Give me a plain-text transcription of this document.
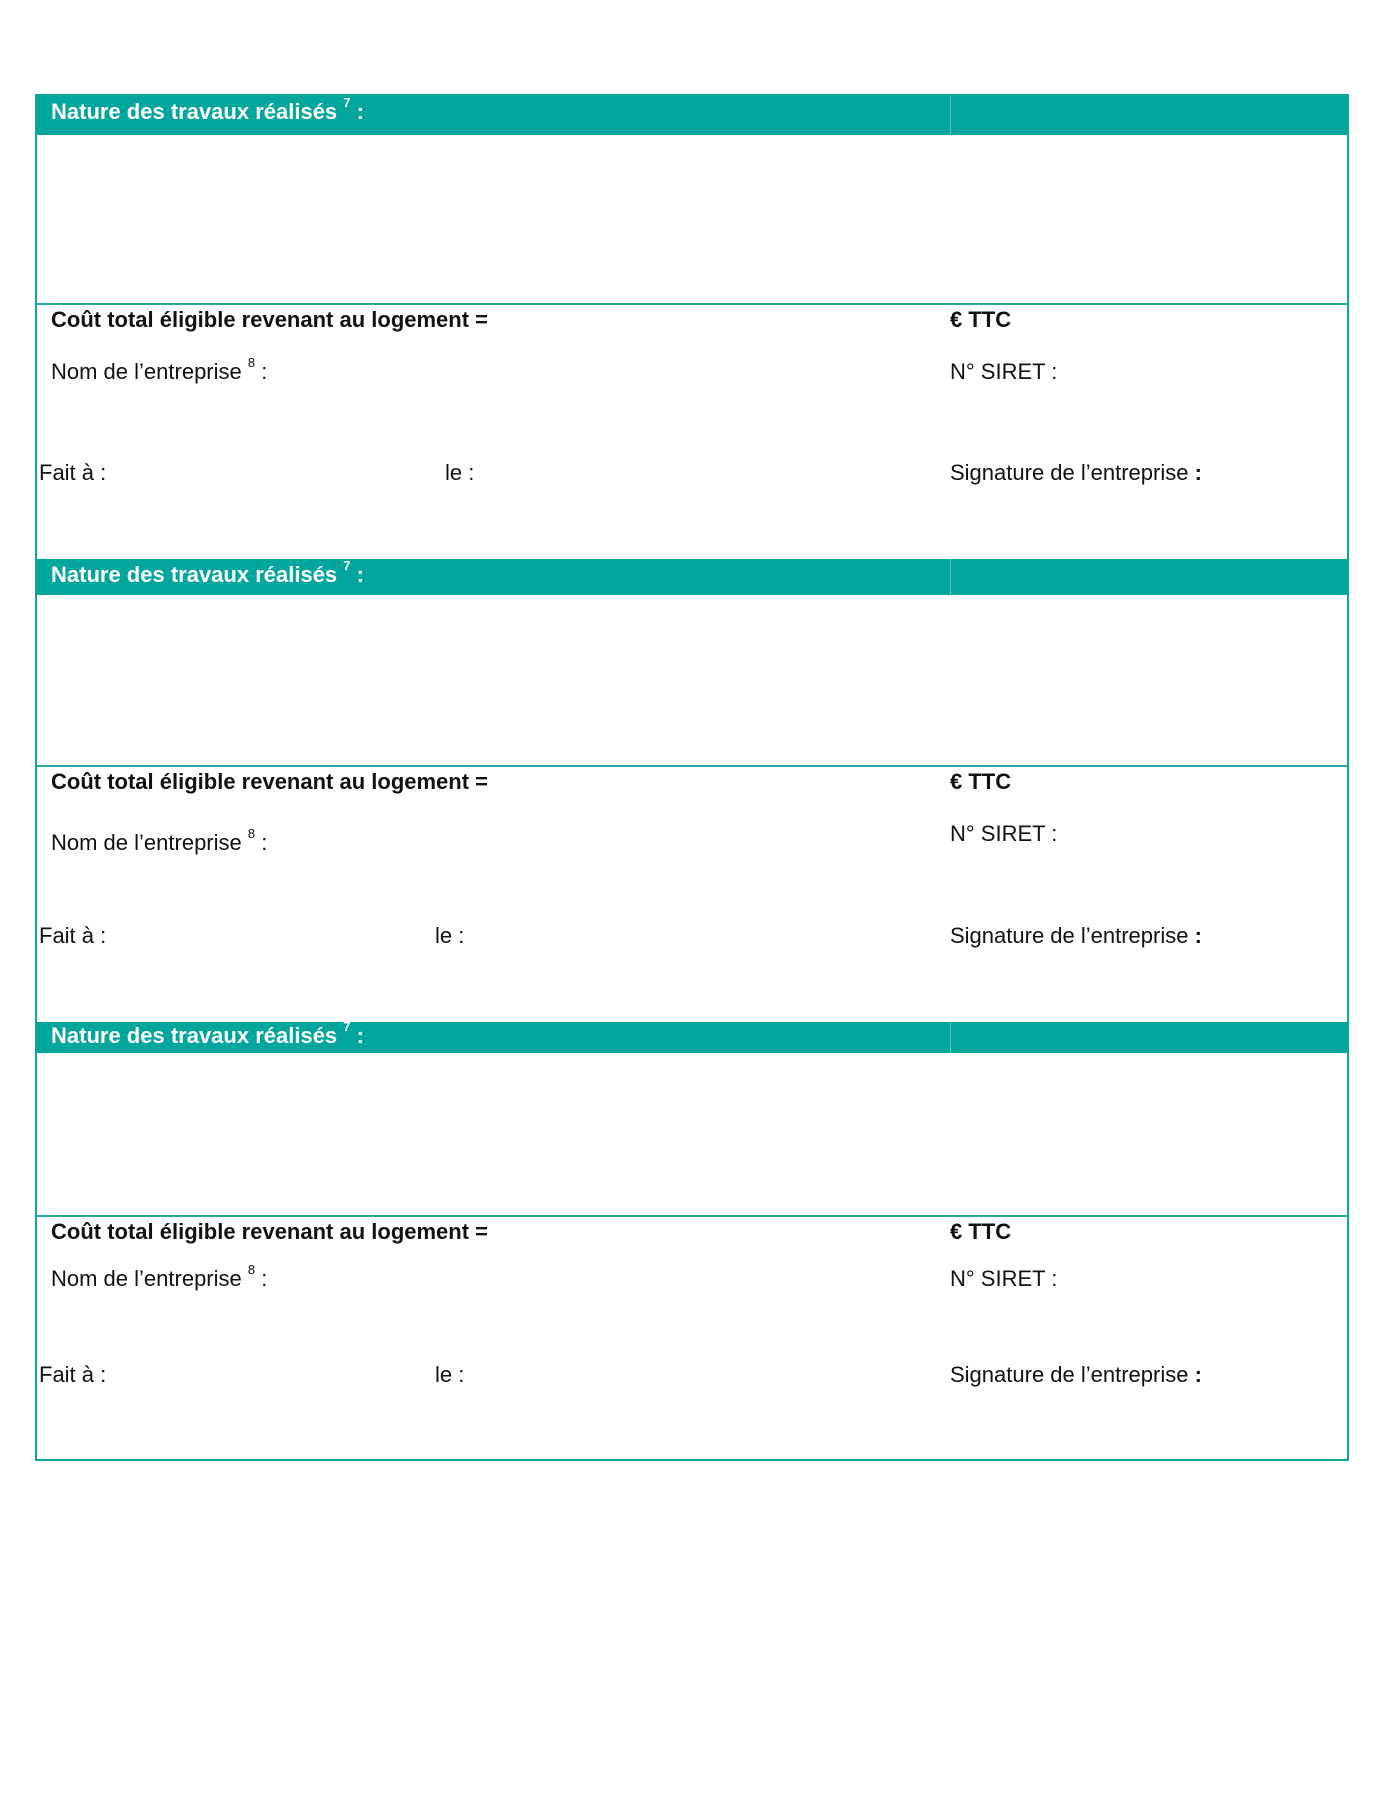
Nature des travaux réalisés $^7$ :
Coût total éligible revenant au logement =	€ TTC
Nom de l’entreprise $^8$ :	N° SIRET :
Fait à :	le :	Signature de l’entreprise :
Nature des travaux réalisés $^7$ :
Coût total éligible revenant au logement =	€ TTC
Nom de l’entreprise $^8$ :	N° SIRET :
Fait à :	le :	Signature de l’entreprise :
Nature des travaux réalisés $^7$ :
Coût total éligible revenant au logement =	€ TTC
Nom de l’entreprise $^8$ :	N° SIRET :
Fait à :	le :	Signature de l’entreprise :
